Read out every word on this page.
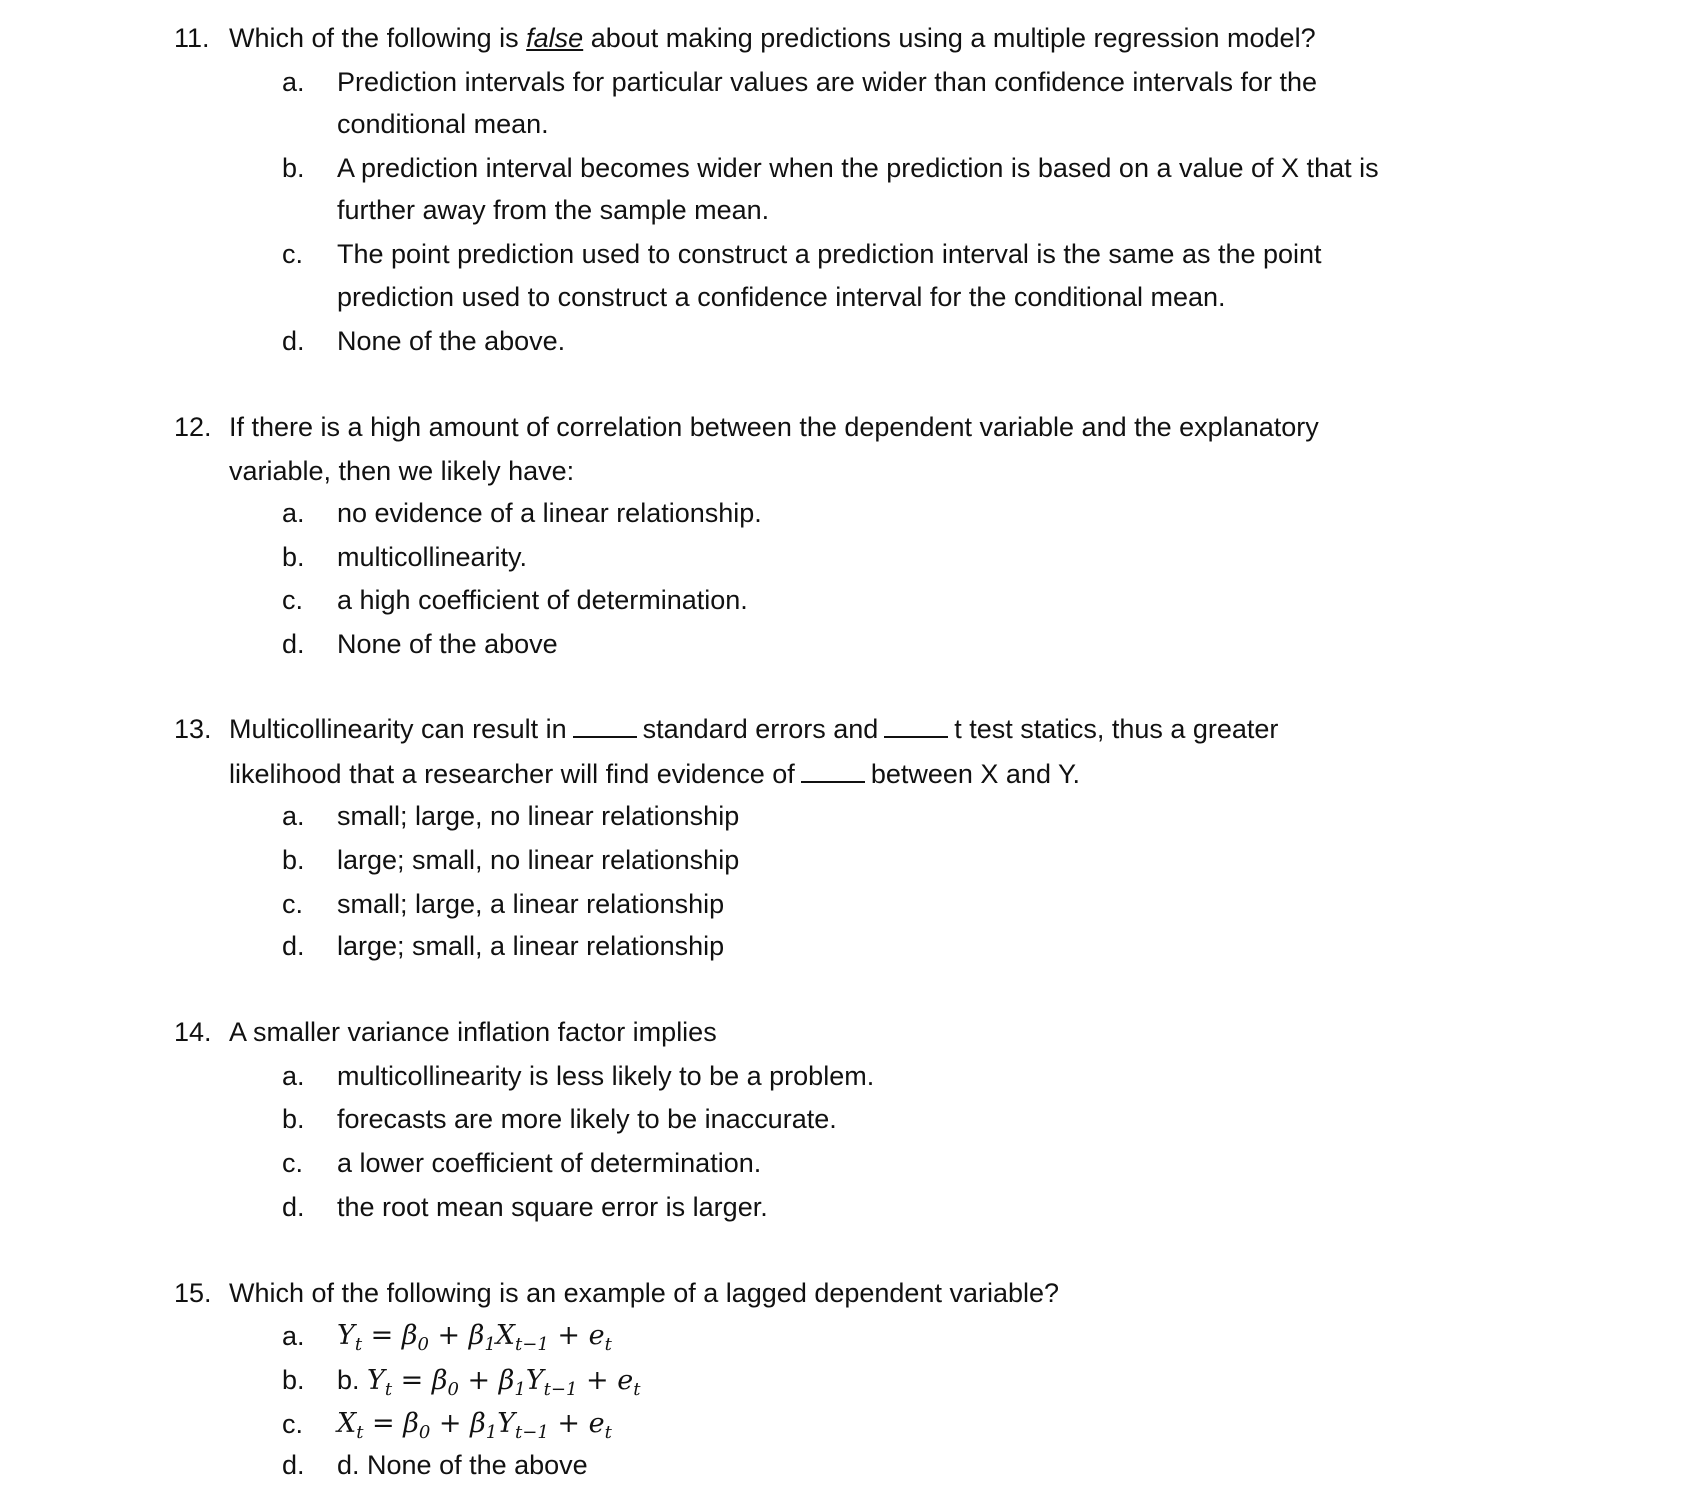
11. Which of the following is false about making predictions using a multiple regression model?
a. Prediction intervals for particular values are wider than confidence intervals for the
conditional mean.
b. A prediction interval becomes wider when the prediction is based on a value of X that is
further away from the sample mean.
c. The point prediction used to construct a prediction interval is the same as the point
prediction used to construct a confidence interval for the conditional mean.
d. None of the above.
12. If there is a high amount of correlation between the dependent variable and the explanatory
variable, then we likely have:
a. no evidence of a linear relationship.
b. multicollinearity.
c. a high coefficient of determination.
d. None of the above
13. Multicollinearity can result in	standard errors and	t test statics, thus a greater
likelihood that a researcher will find evidence of	between X and Y.
a. small; large, no linear relationship
b. large; small, no linear relationship
c. small; large, a linear relationship
d. large; small, a linear relationship
14. A smaller variance inflation factor implies
a. multicollinearity is less likely to be a problem.
b. forecasts are more likely to be inaccurate.
c. a lower coefficient of determination.
d. the root mean square error is larger.
15. Which of the following is an example of a lagged dependent variable?
a. $Y_t = \beta_0 + \beta_1X_{t-1} + e_t$
b. b. $Y_t = \beta_0 + \beta_1Y_{t-1} + e_t$
c. $X_t = \beta_0 + \beta_1Y_{t-1} + e_t$
d. d. None of the above
